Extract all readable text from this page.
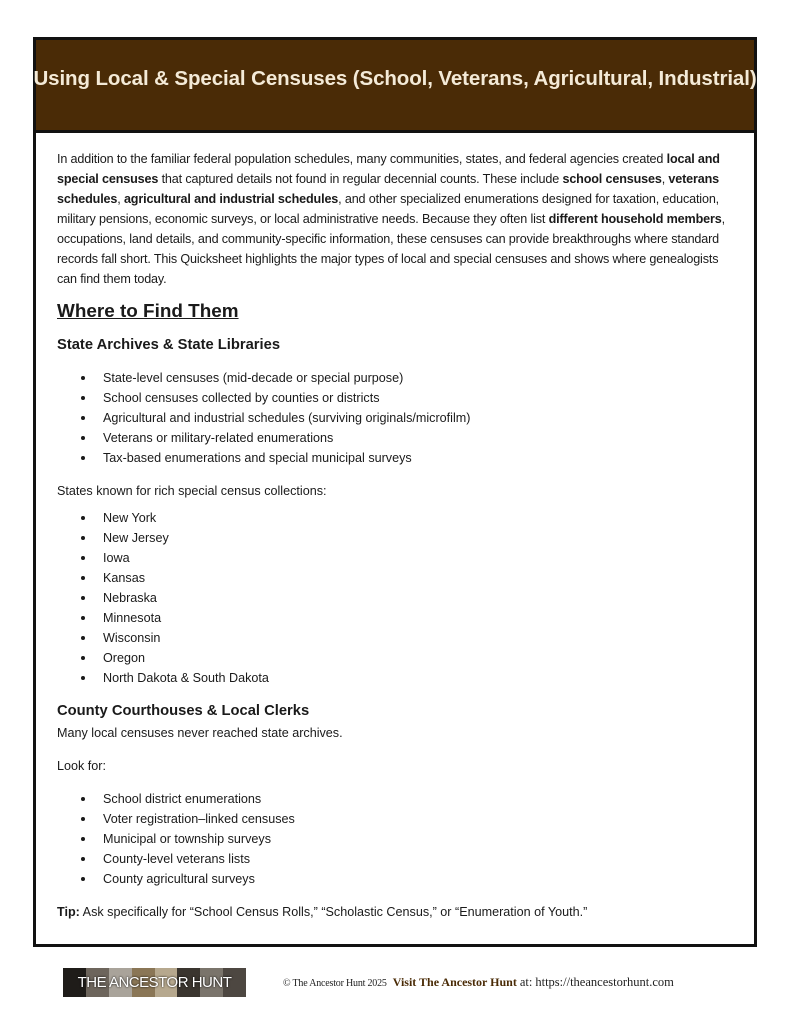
Using Local & Special Censuses (School, Veterans, Agricultural, Industrial)

In addition to the familiar federal population schedules, many communities, states, and federal agencies created local and special censuses that captured details not found in regular decennial counts. These include school censuses, veterans schedules, agricultural and industrial schedules, and other specialized enumerations designed for taxation, education, military pensions, economic surveys, or local administrative needs. Because they often list different household members, occupations, land details, and community-specific information, these censuses can provide breakthroughs where standard records fall short. This Quicksheet highlights the major types of local and special censuses and shows where genealogists can find them today.

Where to Find Them
State Archives & State Libraries
State-level censuses (mid-decade or special purpose)
School censuses collected by counties or districts
Agricultural and industrial schedules (surviving originals/microfilm)
Veterans or military-related enumerations
Tax-based enumerations and special municipal surveys

States known for rich special census collections:

New York
New Jersey
Iowa
Kansas
Nebraska
Minnesota
Wisconsin
Oregon
North Dakota & South Dakota
County Courthouses & Local Clerks

Many local censuses never reached state archives.

Look for:

School district enumerations
Voter registration–linked censuses
Municipal or township surveys
County-level veterans lists
County agricultural surveys

Tip: Ask specifically for “School Census Rolls,” “Scholastic Census,” or “Enumeration of Youth.”

THE ANCESTOR HUNT	© The Ancestor Hunt 2025 Visit The Ancestor Hunt at: https://theancestorhunt.com
